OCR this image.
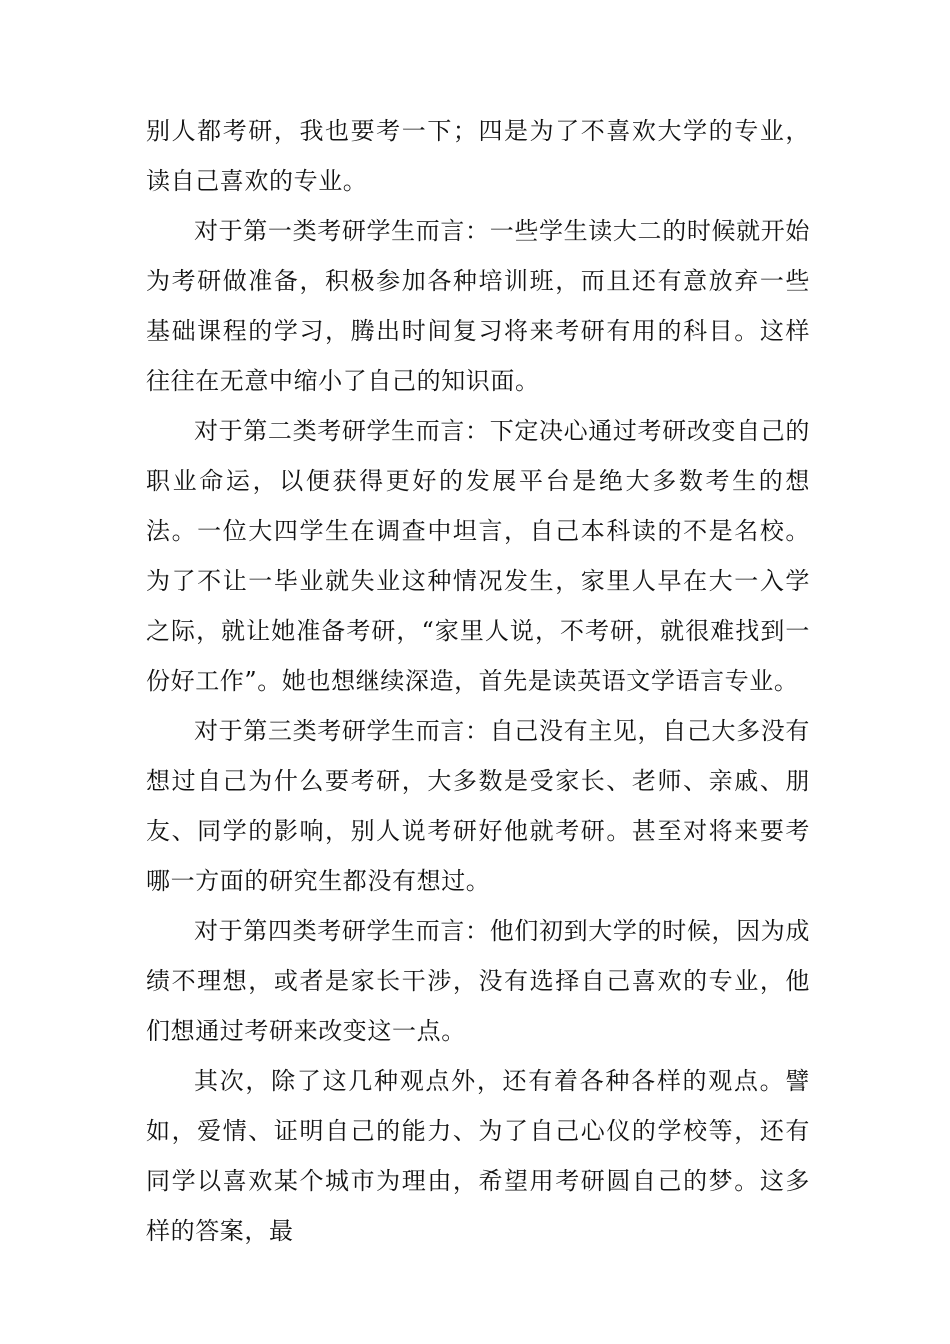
别人都考研，我也要考一下；四是为了不喜欢大学的专业，读自己喜欢的专业。

对于第一类考研学生而言：一些学生读大二的时候就开始为考研做准备，积极参加各种培训班，而且还有意放弃一些基础课程的学习，腾出时间复习将来考研有用的科目。这样往往在无意中缩小了自己的知识面。

对于第二类考研学生而言：下定决心通过考研改变自己的职业命运，以便获得更好的发展平台是绝大多数考生的想法。一位大四学生在调查中坦言，自己本科读的不是名校。为了不让一毕业就失业这种情况发生，家里人早在大一入学之际，就让她准备考研，“家里人说，不考研，就很难找到一份好工作”。她也想继续深造，首先是读英语文学语言专业。

对于第三类考研学生而言：自己没有主见，自己大多没有想过自己为什么要考研，大多数是受家长、老师、亲戚、朋友、同学的影响，别人说考研好他就考研。甚至对将来要考哪一方面的研究生都没有想过。

对于第四类考研学生而言：他们初到大学的时候，因为成绩不理想，或者是家长干涉，没有选择自己喜欢的专业，他们想通过考研来改变这一点。

其次，除了这几种观点外，还有着各种各样的观点。譬如，爱情、证明自己的能力、为了自己心仪的学校等，还有同学以喜欢某个城市为理由，希望用考研圆自己的梦。这多样的答案，最
